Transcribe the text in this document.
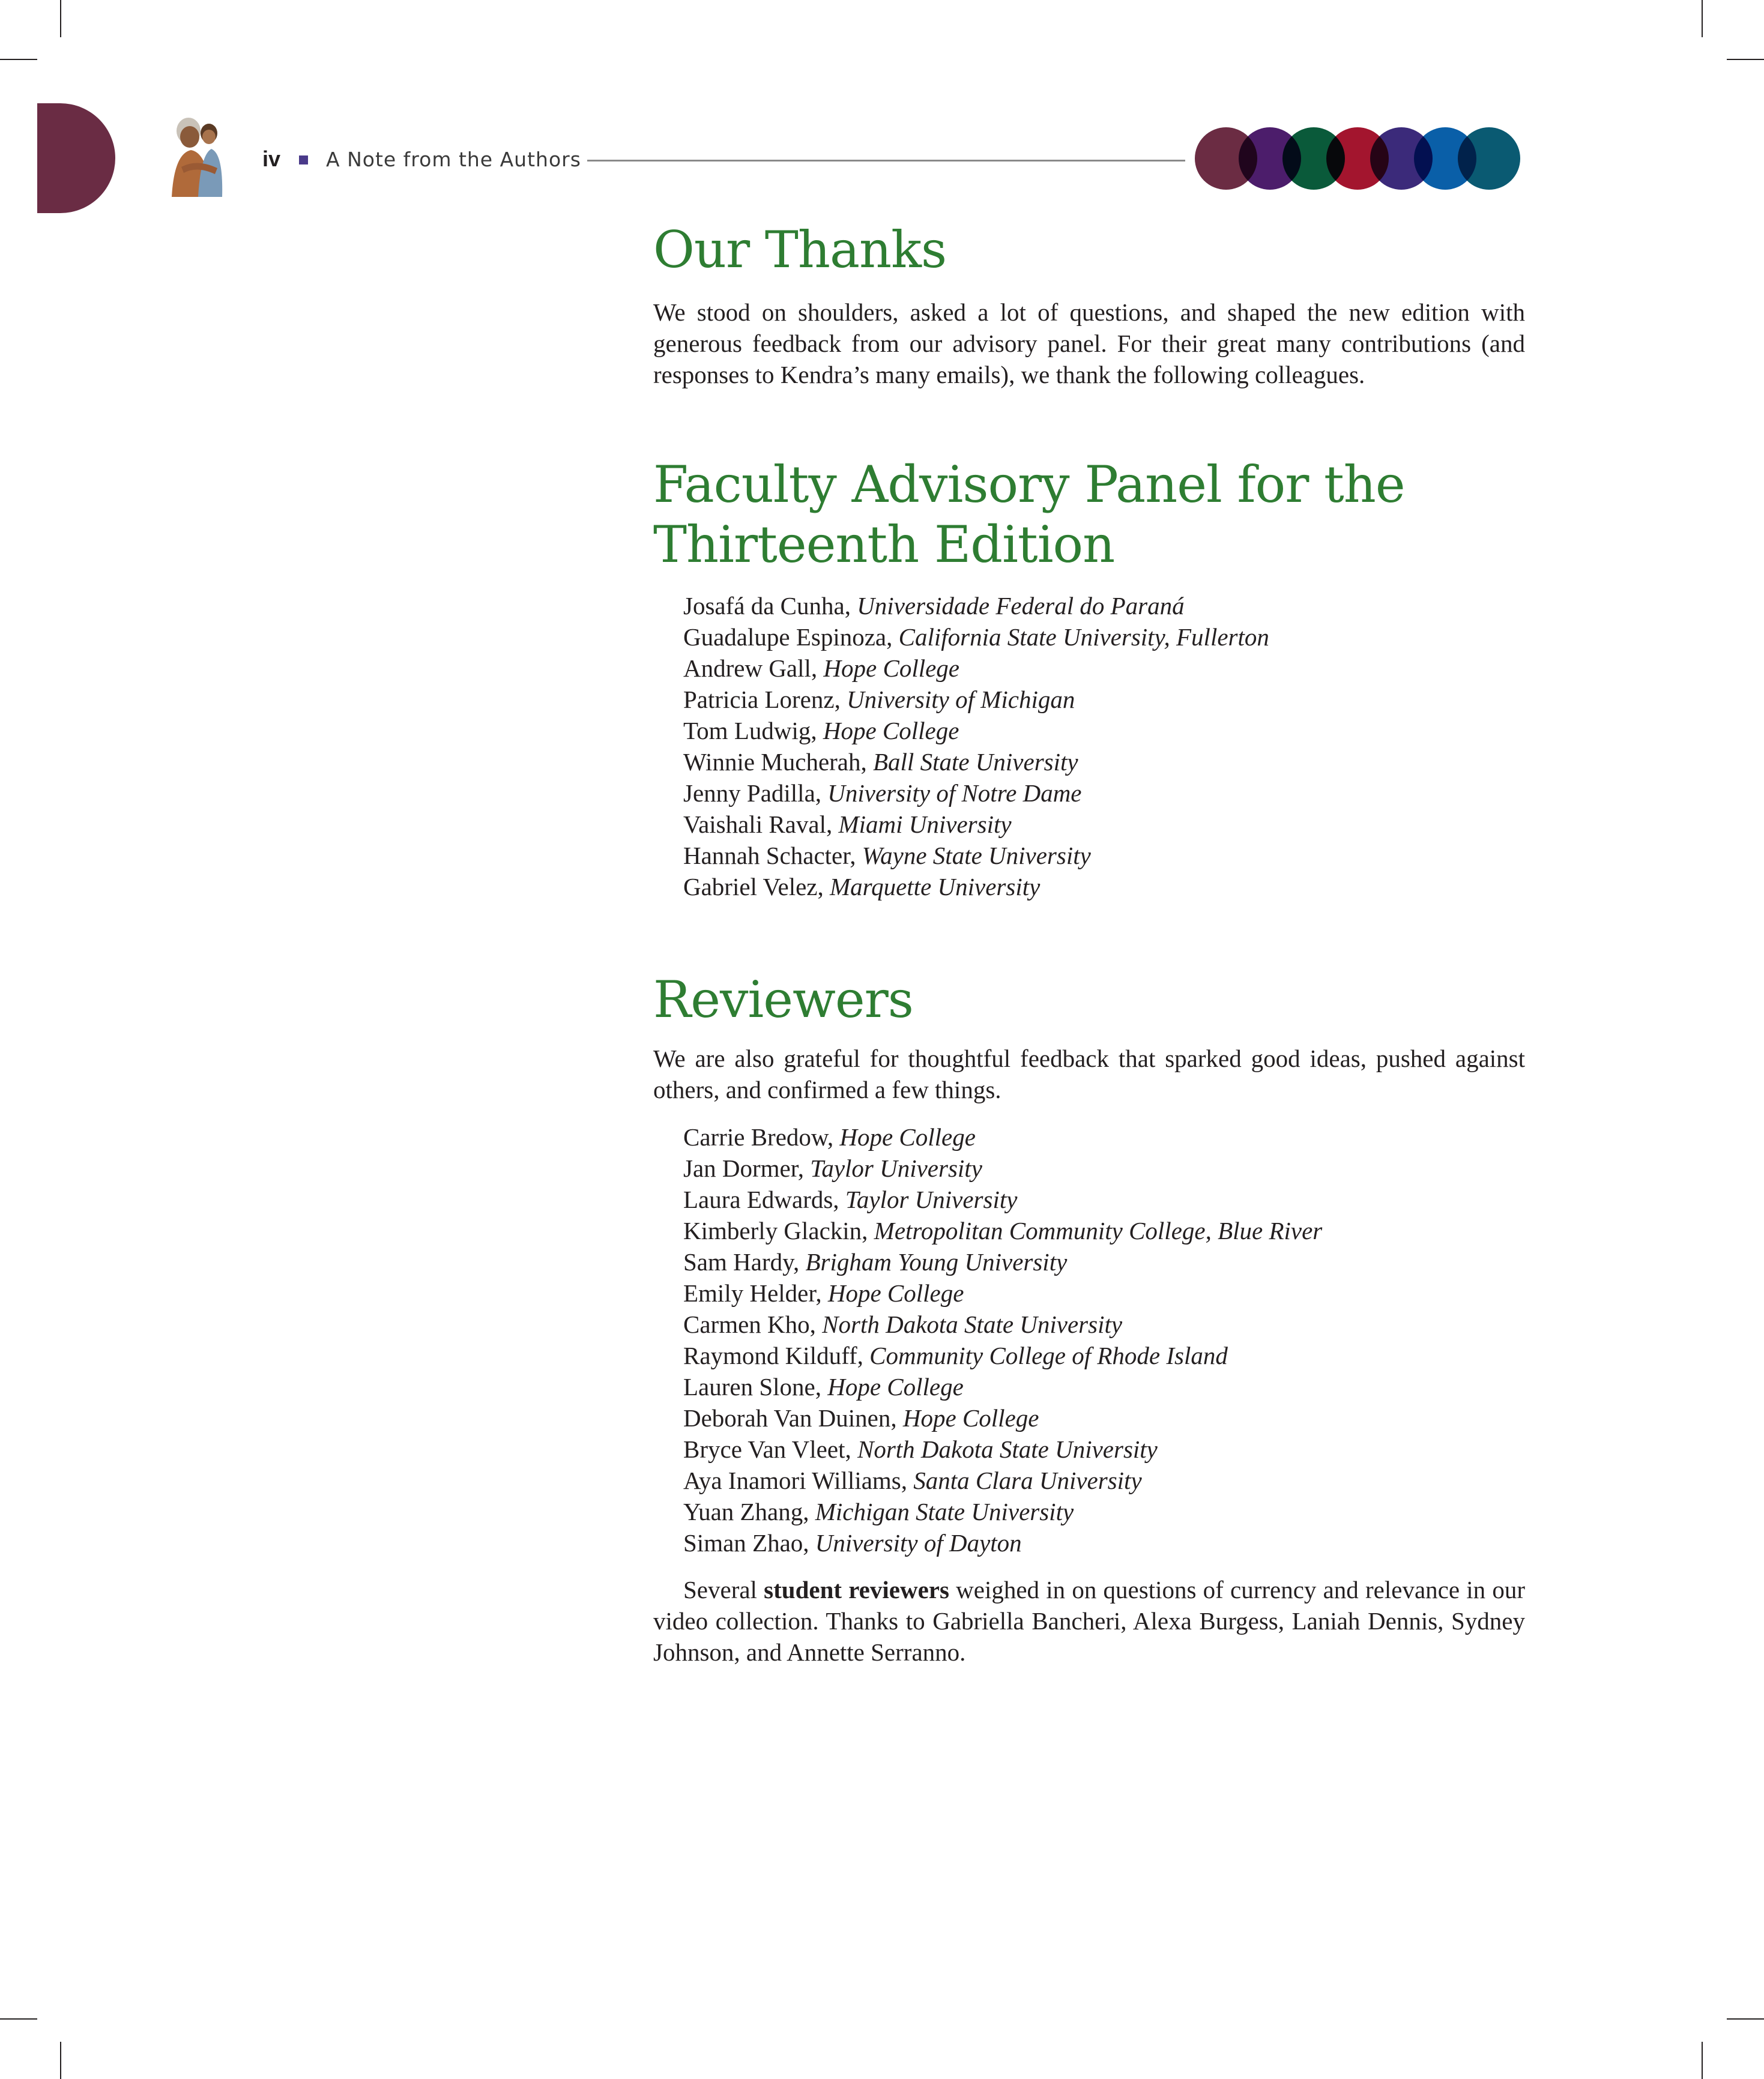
iv A Note from the Authors
Our Thanks

We stood on shoulders, asked a lot of questions, and shaped the new edition with generous feedback from our advisory panel. For their great many contributions (and responses to Kendra’s many emails), we thank the following colleagues.

Faculty Advisory Panel for the
Thirteenth Edition
Josafá da Cunha, Universidade Federal do Paraná
Guadalupe Espinoza, California State University, Fullerton
Andrew Gall, Hope College
Patricia Lorenz, University of Michigan
Tom Ludwig, Hope College
Winnie Mucherah, Ball State University
Jenny Padilla, University of Notre Dame
Vaishali Raval, Miami University
Hannah Schacter, Wayne State University
Gabriel Velez, Marquette University
Reviewers

We are also grateful for thoughtful feedback that sparked good ideas, pushed against others, and confirmed a few things.

Carrie Bredow, Hope College
Jan Dormer, Taylor University
Laura Edwards, Taylor University
Kimberly Glackin, Metropolitan Community College, Blue River
Sam Hardy, Brigham Young University
Emily Helder, Hope College
Carmen Kho, North Dakota State University
Raymond Kilduff, Community College of Rhode Island
Lauren Slone, Hope College
Deborah Van Duinen, Hope College
Bryce Van Vleet, North Dakota State University
Aya Inamori Williams, Santa Clara University
Yuan Zhang, Michigan State University
Siman Zhao, University of Dayton

Several student reviewers weighed in on questions of currency and relevance in our video collection. Thanks to Gabriella Bancheri, Alexa Burgess, Laniah Dennis, Sydney Johnson, and Annette Serranno.
